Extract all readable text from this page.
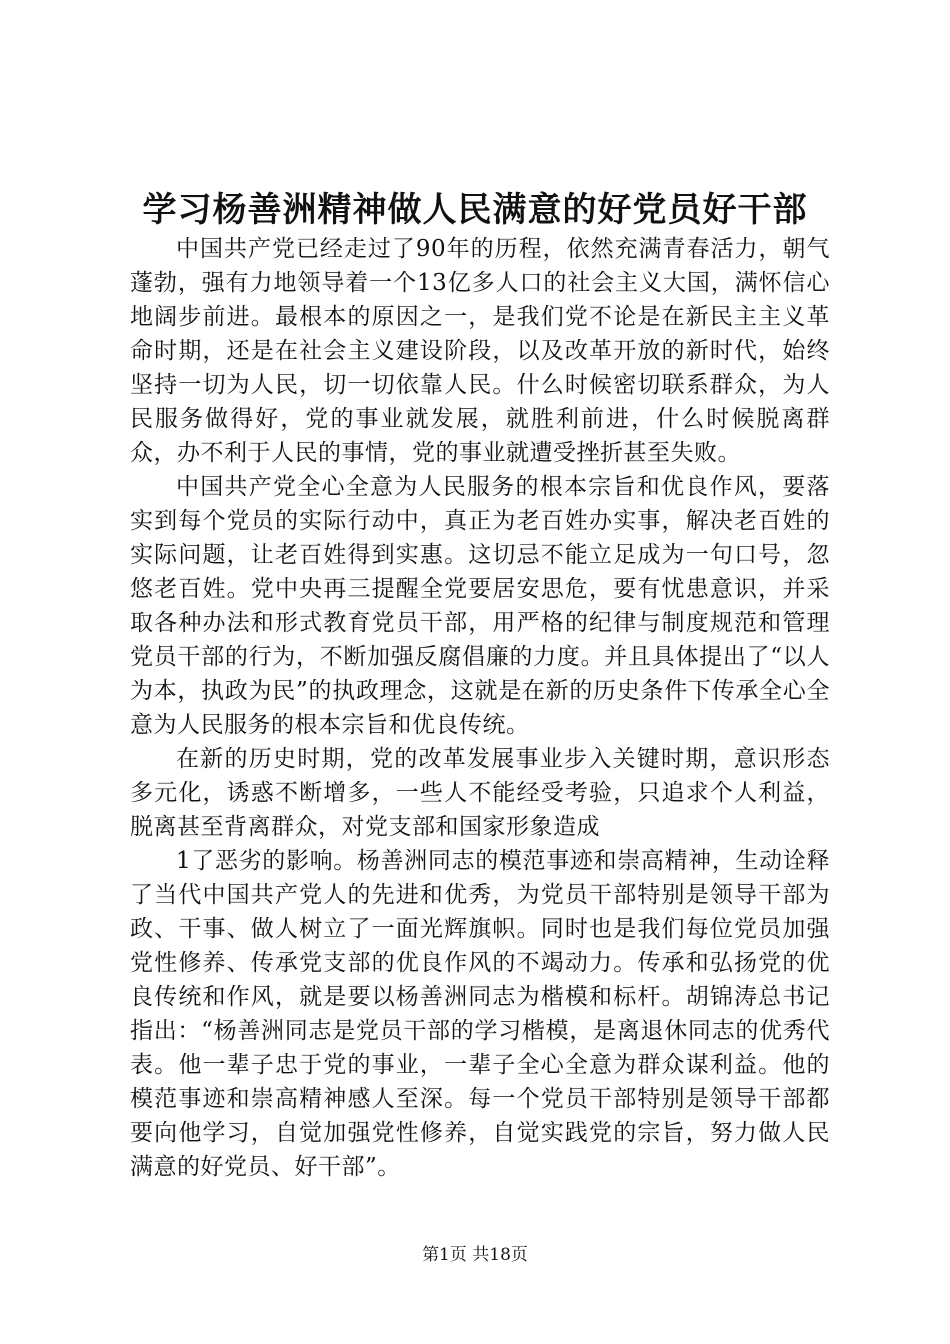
学习杨善洲精神做人民满意的好党员好干部

中国共产党已经走过了90年的历程，依然充满青春活力，朝气蓬勃，强有力地领导着一个13亿多人口的社会主义大国，满怀信心地阔步前进。最根本的原因之一，是我们党不论是在新民主主义革命时期，还是在社会主义建设阶段，以及改革开放的新时代，始终坚持一切为人民，切一切依靠人民。什么时候密切联系群众，为人民服务做得好，党的事业就发展，就胜利前进，什么时候脱离群众，办不利于人民的事情，党的事业就遭受挫折甚至失败。

中国共产党全心全意为人民服务的根本宗旨和优良作风，要落实到每个党员的实际行动中，真正为老百姓办实事，解决老百姓的实际问题，让老百姓得到实惠。这切忌不能立足成为一句口号，忽悠老百姓。党中央再三提醒全党要居安思危，要有忧患意识，并采取各种办法和形式教育党员干部，用严格的纪律与制度规范和管理党员干部的行为，不断加强反腐倡廉的力度。并且具体提出了“以人为本，执政为民”的执政理念，这就是在新的历史条件下传承全心全意为人民服务的根本宗旨和优良传统。

在新的历史时期，党的改革发展事业步入关键时期，意识形态多元化，诱惑不断增多，一些人不能经受考验，只追求个人利益，脱离甚至背离群众，对党支部和国家形象造成

1了恶劣的影响。杨善洲同志的模范事迹和崇高精神，生动诠释了当代中国共产党人的先进和优秀，为党员干部特别是领导干部为政、干事、做人树立了一面光辉旗帜。同时也是我们每位党员加强党性修养、传承党支部的优良作风的不竭动力。传承和弘扬党的优良传统和作风，就是要以杨善洲同志为楷模和标杆。胡锦涛总书记指出：“杨善洲同志是党员干部的学习楷模，是离退休同志的优秀代表。他一辈子忠于党的事业，一辈子全心全意为群众谋利益。他的模范事迹和崇高精神感人至深。每一个党员干部特别是领导干部都要向他学习，自觉加强党性修养，自觉实践党的宗旨，努力做人民满意的好党员、好干部”。

第1页 共18页
